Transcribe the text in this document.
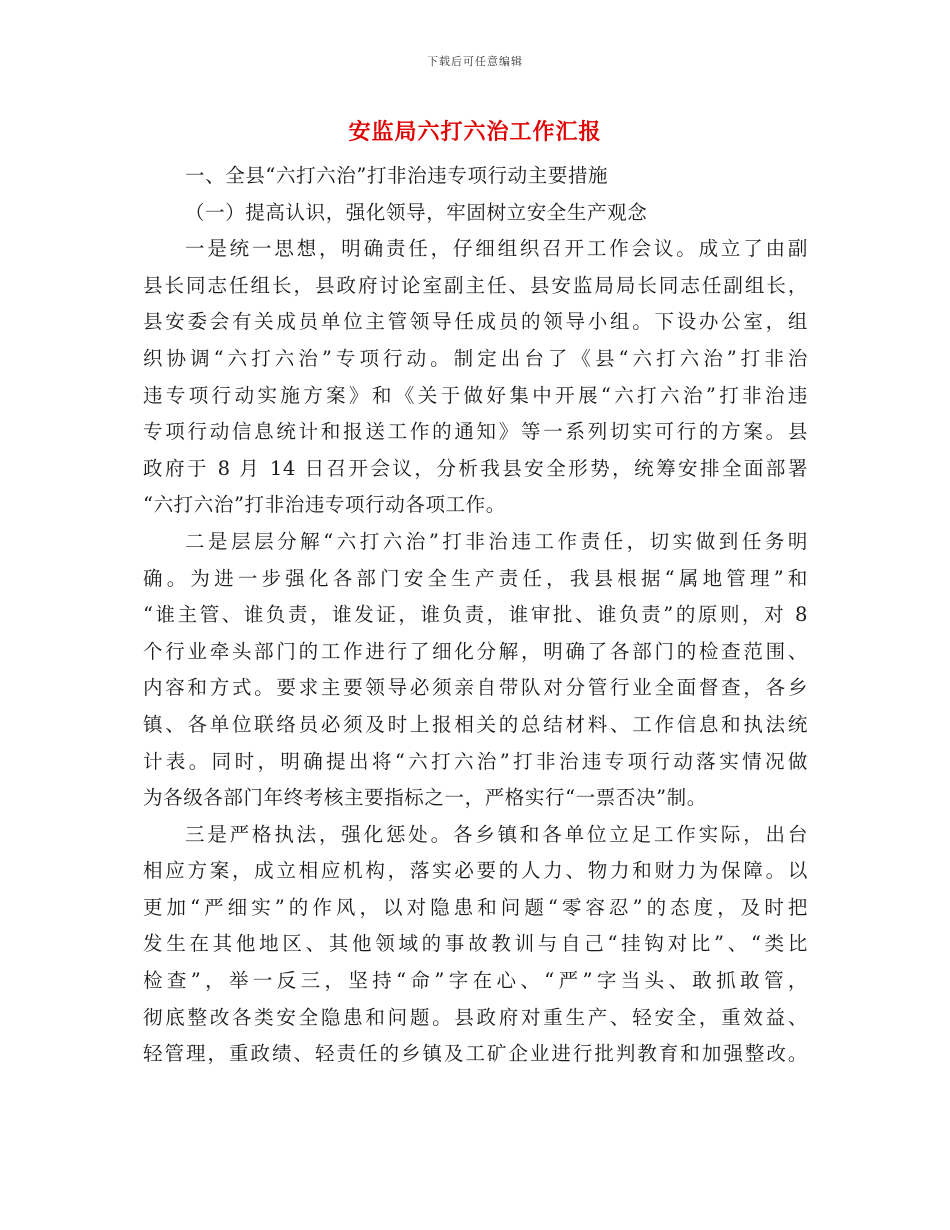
下载后可任意编辑
安监局六打六治工作汇报
一、全县“六打六治”打非治违专项行动主要措施
（一）提高认识，强化领导，牢固树立安全生产观念
一是统一思想，明确责任，仔细组织召开工作会议。成立了由副
县长同志任组长，县政府讨论室副主任、县安监局局长同志任副组长，
县安委会有关成员单位主管领导任成员的领导小组。下设办公室，组
织协调“六打六治”专项行动。制定出台了《县“六打六治”打非治
违专项行动实施方案》和《关于做好集中开展“六打六治”打非治违
专项行动信息统计和报送工作的通知》等一系列切实可行的方案。县
政府于 8 月 14 日召开会议，分析我县安全形势，统筹安排全面部署
“六打六治”打非治违专项行动各项工作。
二是层层分解“六打六治”打非治违工作责任，切实做到任务明
确。为进一步强化各部门安全生产责任，我县根据“属地管理”和
“谁主管、谁负责，谁发证，谁负责，谁审批、谁负责”的原则，对 8
个行业牵头部门的工作进行了细化分解，明确了各部门的检查范围、
内容和方式。要求主要领导必须亲自带队对分管行业全面督查，各乡
镇、各单位联络员必须及时上报相关的总结材料、工作信息和执法统
计表。同时，明确提出将“六打六治”打非治违专项行动落实情况做
为各级各部门年终考核主要指标之一，严格实行“一票否决”制。
三是严格执法，强化惩处。各乡镇和各单位立足工作实际，出台
相应方案，成立相应机构，落实必要的人力、物力和财力为保障。以
更加“严细实”的作风，以对隐患和问题“零容忍”的态度，及时把
发生在其他地区、其他领域的事故教训与自己“挂钩对比”、“类比
检查”，举一反三，坚持“命”字在心、“严”字当头、敢抓敢管，
彻底整改各类安全隐患和问题。县政府对重生产、轻安全，重效益、
轻管理，重政绩、轻责任的乡镇及工矿企业进行批判教育和加强整改。
